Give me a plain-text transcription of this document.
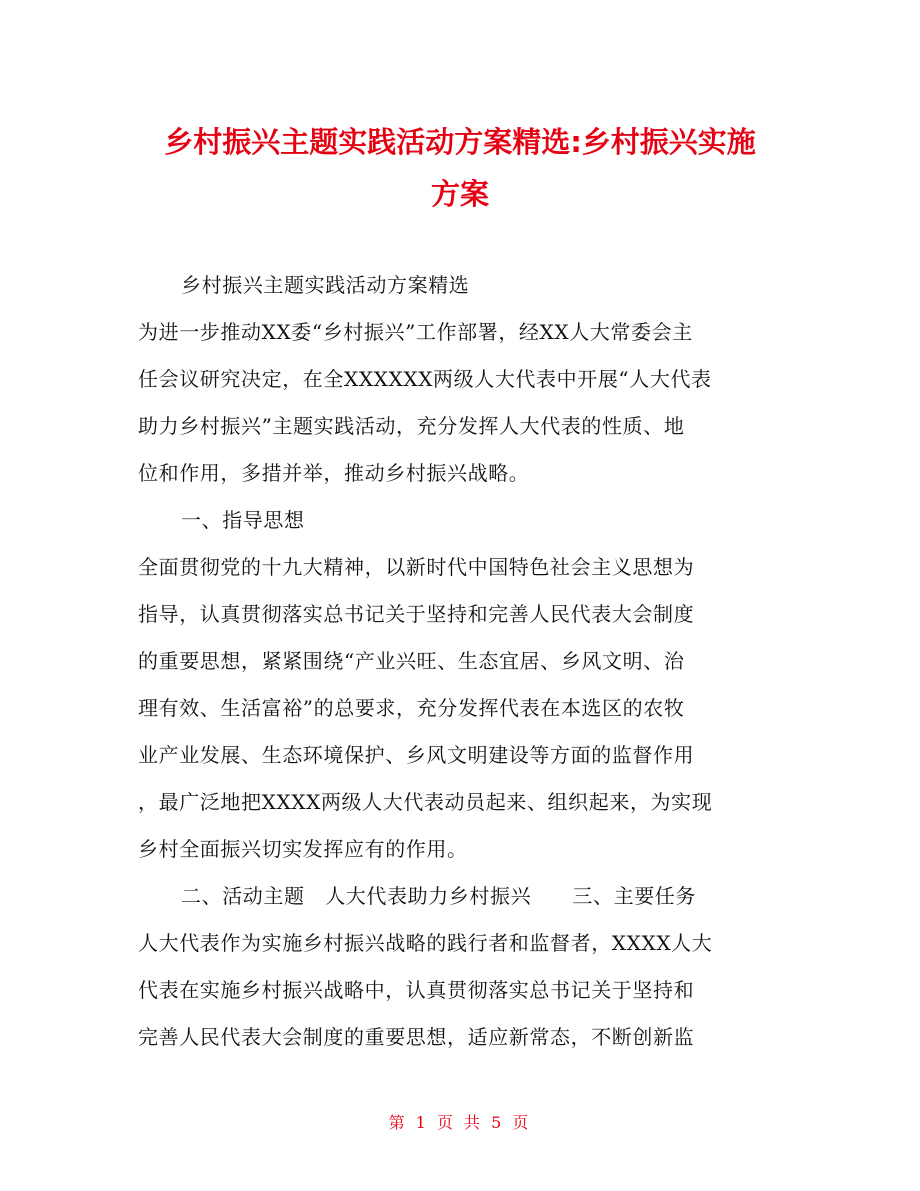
乡村振兴主题实践活动方案精选:乡村振兴实施
方案
乡村振兴主题实践活动方案精选
为进一步推动XX委“乡村振兴”工作部署，经XX人大常委会主
任会议研究决定，在全XXXXXX两级人大代表中开展“人大代表
助力乡村振兴”主题实践活动，充分发挥人大代表的性质、地
位和作用，多措并举，推动乡村振兴战略。
一、指导思想
全面贯彻党的十九大精神，以新时代中国特色社会主义思想为
指导，认真贯彻落实总书记关于坚持和完善人民代表大会制度
的重要思想，紧紧围绕“产业兴旺、生态宜居、乡风文明、治
理有效、生活富裕”的总要求，充分发挥代表在本选区的农牧
业产业发展、生态环境保护、乡风文明建设等方面的监督作用
，最广泛地把XXXX两级人大代表动员起来、组织起来，为实现
乡村全面振兴切实发挥应有的作用。
二、活动主题　人大代表助力乡村振兴　　三、主要任务
人大代表作为实施乡村振兴战略的践行者和监督者，XXXX人大
代表在实施乡村振兴战略中，认真贯彻落实总书记关于坚持和
完善人民代表大会制度的重要思想，适应新常态，不断创新监
第 1 页 共 5 页
